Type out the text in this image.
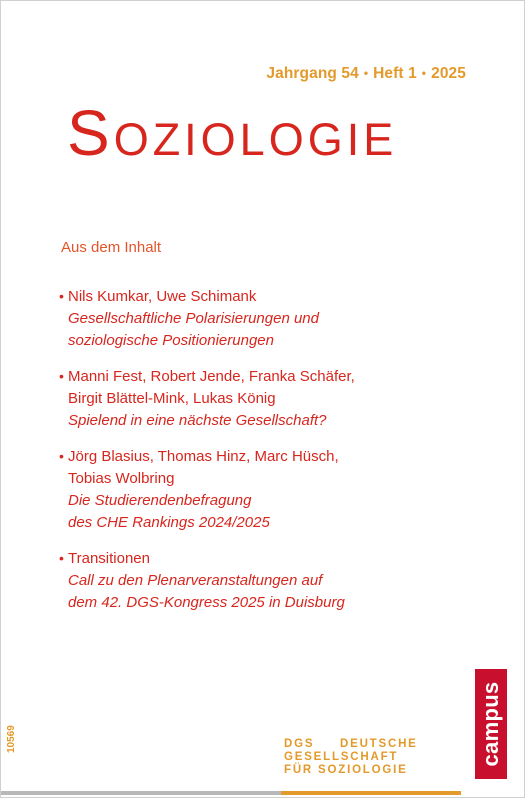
Jahrgang 54 • Heft 1 • 2025
Soziologie
Aus dem Inhalt
• Nils Kumkar, Uwe Schimank
Gesellschaftliche Polarisierungen und
soziologische Positionierungen
• Manni Fest, Robert Jende, Franka Schäfer,
Birgit Blättel-Mink, Lukas König
Spielend in eine nächste Gesellschaft?
• Jörg Blasius, Thomas Hinz, Marc Hüsch,
Tobias Wolbring
Die Studierendenbefragung
des CHE Rankings 2024/2025
• Transitionen
Call zu den Plenarveranstaltungen auf
dem 42. DGS-Kongress 2025 in Duisburg
campus
DGS DEUTSCHE
GESELLSCHAFT
FÜR SOZIOLOGIE
10569
